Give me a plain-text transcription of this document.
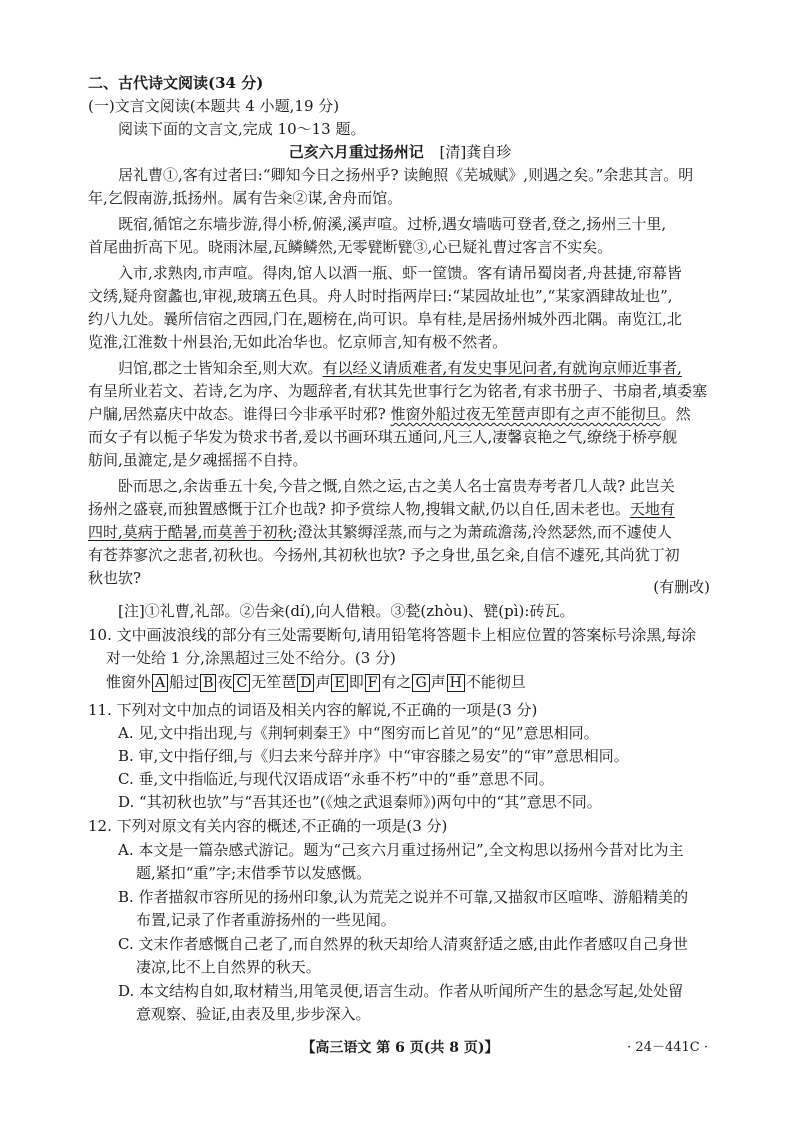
二、古代诗文阅读(34 分)
(一)文言文阅读(本题共 4 小题,19 分)
阅读下面的文言文,完成 10～13 题。
己亥六月重过扬州记 [清]龚自珍
居礼曹①,客有过者曰:“卿知今日之扬州乎? 读鲍照《芜城赋》,则遇之矣。”余悲其言。明
年,乞假南游,抵扬州。属有告籴②谋,舍舟而馆。
既宿,循馆之东墙步游,得小桥,俯溪,溪声喧。过桥,遇女墙啮可登者,登之,扬州三十里,
首尾曲折高下见。晓雨沐屋,瓦鳞鳞然,无零甓断甓③,心已疑礼曹过客言不实矣。
入市,求熟肉,市声喧。得肉,馆人以酒一瓶、虾一筐馈。客有请吊蜀岗者,舟甚捷,帘幕皆
文绣,疑舟窗蠡也,审视,玻璃五色具。舟人时时指两岸曰:“某园故址也”,“某家酒肆故址也”,
约八九处。曩所信宿之西园,门在,题榜在,尚可识。阜有桂,是居扬州城外西北隅。南览江,北
览淮,江淮数十州县治,无如此冶华也。忆京师言,知有极不然者。
归馆,郡之士皆知余至,则大欢。有以经义请质难者,有发史事见问者,有就询京师近事者,
有呈所业若文、若诗,乞为序、为题辞者,有状其先世事行乞为铭者,有求书册子、书扇者,填委塞
户牖,居然嘉庆中故态。谁得曰今非承平时邪? 惟窗外船过夜无笙琶声即有之声不能彻旦。然
而女子有以栀子华发为贽求书者,爰以书画环琪五通问,凡三人,凄馨哀艳之气,缭绕于桥亭舰
舫间,虽漉定,是夕魂摇摇不自持。
卧而思之,余齿垂五十矣,今昔之慨,自然之运,古之美人名士富贵寿考者几人哉? 此岂关
扬州之盛衰,而独置感慨于江介也哉? 抑予赏综人物,搜辑文献,仍以自任,固未老也。天地有
四时,莫病于酷暑,而莫善于初秋;澄汰其繁缛淫蒸,而与之为萧疏澹荡,泠然瑟然,而不遽使人
有苍莽寥泬之悲者,初秋也。今扬州,其初秋也欤? 予之身世,虽乞籴,自信不遽死,其尚犹丁初
秋也欤?	(有删改)
[注]①礼曹,礼部。②告籴(dí),向人借粮。③甃(zhòu)、甓(pì):砖瓦。
10. 文中画波浪线的部分有三处需要断句,请用铅笔将答题卡上相应位置的答案标号涂黑,每涂
对一处给 1 分,涂黑超过三处不给分。(3 分)
惟窗外 A 船过 B 夜 C 无笙琶 D 声 E 即 F 有之 G 声 H 不能彻旦
11. 下列对文中加点的词语及相关内容的解说,不正确的一项是(3 分)
A. 见,文中指出现,与《荆轲刺秦王》中“图穷而匕首见”的“见”意思相同。
B. 审,文中指仔细,与《归去来兮辞并序》中“审容膝之易安”的“审”意思相同。
C. 垂,文中指临近,与现代汉语成语“永垂不朽”中的“垂”意思不同。
D. “其初秋也欤”与“吾其还也”(《烛之武退秦师》)两句中的“其”意思不同。
12. 下列对原文有关内容的概述,不正确的一项是(3 分)
A. 本文是一篇杂感式游记。题为“己亥六月重过扬州记”,全文构思以扬州今昔对比为主
题,紧扣“重”字;末借季节以发感慨。
B. 作者描叙市容所见的扬州印象,认为荒芜之说并不可靠,又描叙市区喧哗、游船精美的
布置,记录了作者重游扬州的一些见闻。
C. 文末作者感慨自己老了,而自然界的秋天却给人清爽舒适之感,由此作者感叹自己身世
凄凉,比不上自然界的秋天。
D. 本文结构自如,取材精当,用笔灵便,语言生动。作者从听闻所产生的悬念写起,处处留
意观察、验证,由表及里,步步深入。
【高三语文 第 6 页(共 8 页)】	· 24－441C ·
